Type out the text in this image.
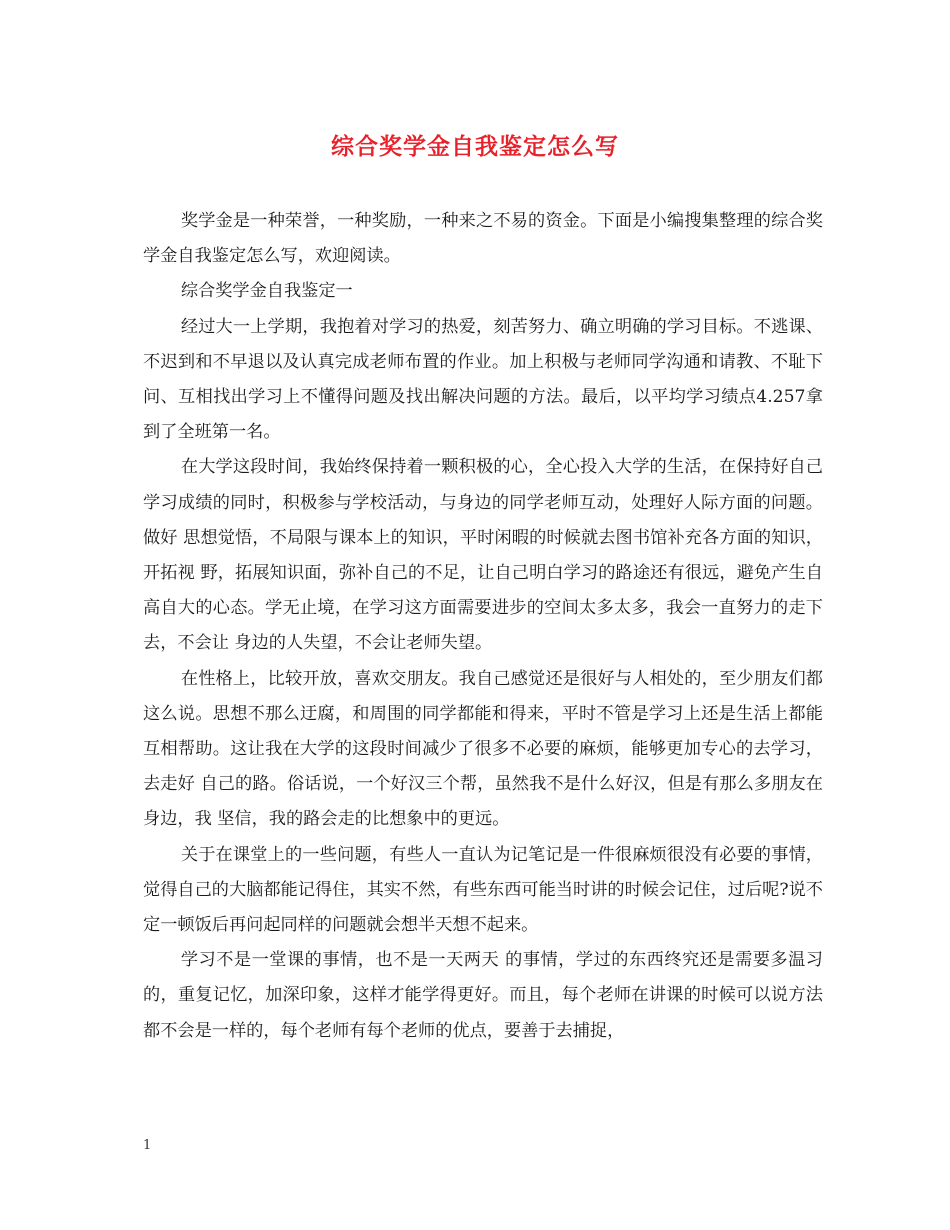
综合奖学金自我鉴定怎么写

奖学金是一种荣誉，一种奖励，一种来之不易的资金。下面是小编搜集整理的综合奖学金自我鉴定怎么写，欢迎阅读。

综合奖学金自我鉴定一

经过大一上学期，我抱着对学习的热爱，刻苦努力、确立明确的学习目标。不逃课、不迟到和不早退以及认真完成老师布置的作业。加上积极与老师同学沟通和请教、不耻下问、互相找出学习上不懂得问题及找出解决问题的方法。最后，以平均学习绩点4.257拿到了全班第一名。

在大学这段时间，我始终保持着一颗积极的心，全心投入大学的生活，在保持好自己学习成绩的同时，积极参与学校活动，与身边的同学老师互动，处理好人际方面的问题。做好 思想觉悟，不局限与课本上的知识，平时闲暇的时候就去图书馆补充各方面的知识，开拓视 野，拓展知识面，弥补自己的不足，让自己明白学习的路途还有很远，避免产生自高自大的心态。学无止境，在学习这方面需要进步的空间太多太多，我会一直努力的走下去，不会让 身边的人失望，不会让老师失望。

在性格上，比较开放，喜欢交朋友。我自己感觉还是很好与人相处的，至少朋友们都这么说。思想不那么迂腐，和周围的同学都能和得来，平时不管是学习上还是生活上都能互相帮助。这让我在大学的这段时间减少了很多不必要的麻烦，能够更加专心的去学习，去走好 自己的路。俗话说，一个好汉三个帮，虽然我不是什么好汉，但是有那么多朋友在身边，我 坚信，我的路会走的比想象中的更远。

关于在课堂上的一些问题，有些人一直认为记笔记是一件很麻烦很没有必要的事情，觉得自己的大脑都能记得住，其实不然，有些东西可能当时讲的时候会记住，过后呢?说不定一顿饭后再问起同样的问题就会想半天想不起来。

学习不是一堂课的事情，也不是一天两天 的事情，学过的东西终究还是需要多温习的，重复记忆，加深印象，这样才能学得更好。而且，每个老师在讲课的时候可以说方法都不会是一样的，每个老师有每个老师的优点，要善于去捕捉，

1
